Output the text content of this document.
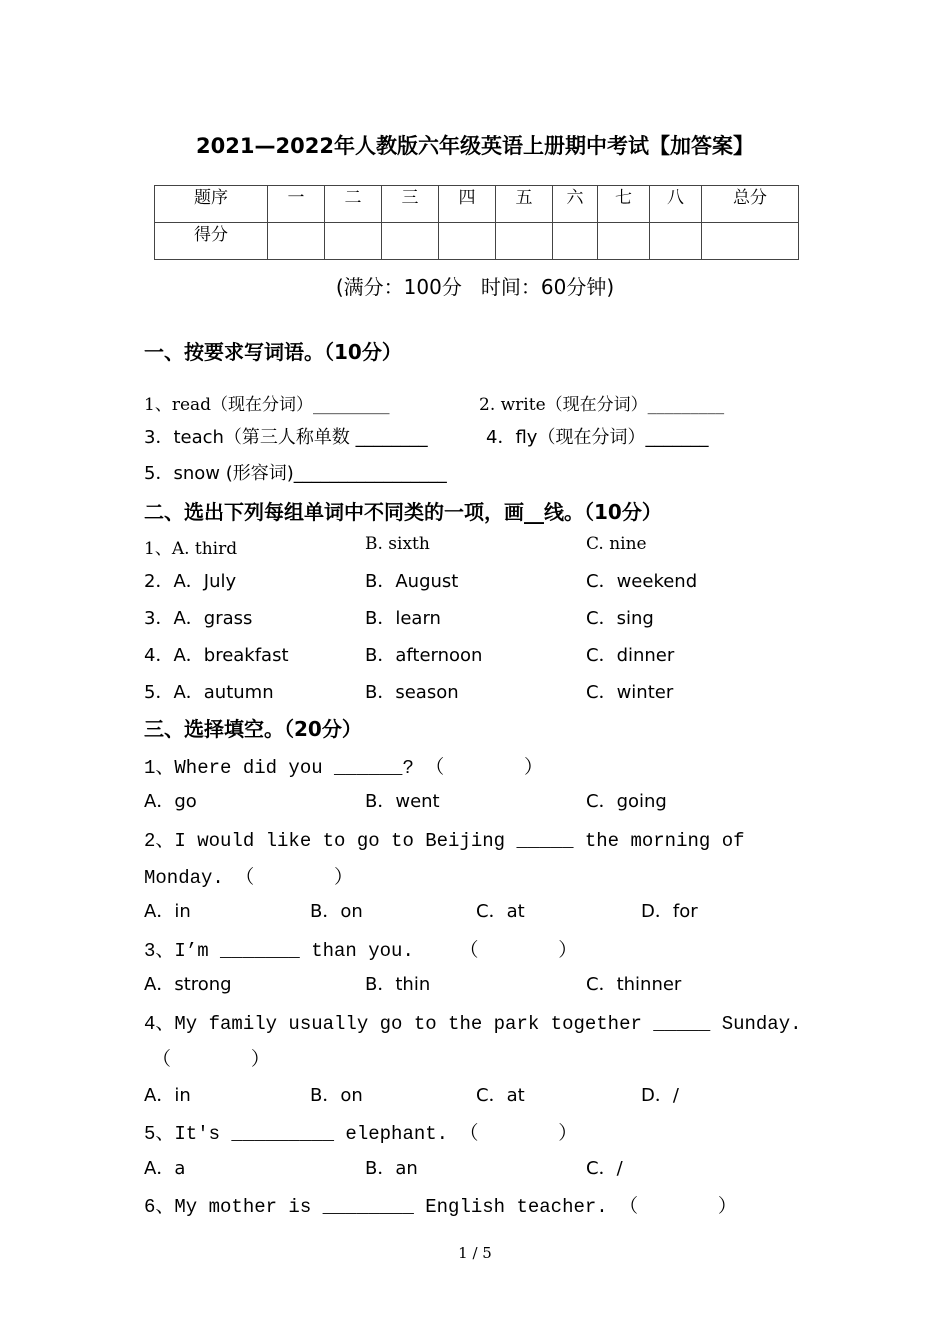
2021—2022年人教版六年级英语上册期中考试【加答案】
题序	一	二	三	四	五	六	七	八	总分
得分									
(满分：100分   时间：60分钟)
一、按要求写词语。（10分）
1、read（现在分词）_________	2. write（现在分词）_________
3．teach（第三人称单数 ________	4．fly（现在分词）_______
5．snow (形容词)_________________
二、选出下列每组单词中不同类的一项，画__线。（10分）
1、A. third	B. sixth	C. nine
2．A．July	B．August	C．weekend
3．A．grass	B．learn	C．sing
4．A．breakfast	B．afternoon	C．dinner
5．A．autumn	B．season	C．winter
三、选择填空。（20分）
1、Where did you ______? （       ）
A．go	B．went	C．going
2、I would like to go to Beijing _____ the morning of
Monday. （       ）
A．in	B．on	C．at	D．for
3、I’m _______ than you.    （       ）
A．strong	B．thin	C．thinner
4、My family usually go to the park together _____ Sunday.
（       ）
A．in	B．on	C．at	D．/
5、It's _________ elephant. （       ）
A．a	B．an	C．/
6、My mother is ________ English teacher. （       ）
1 / 5
